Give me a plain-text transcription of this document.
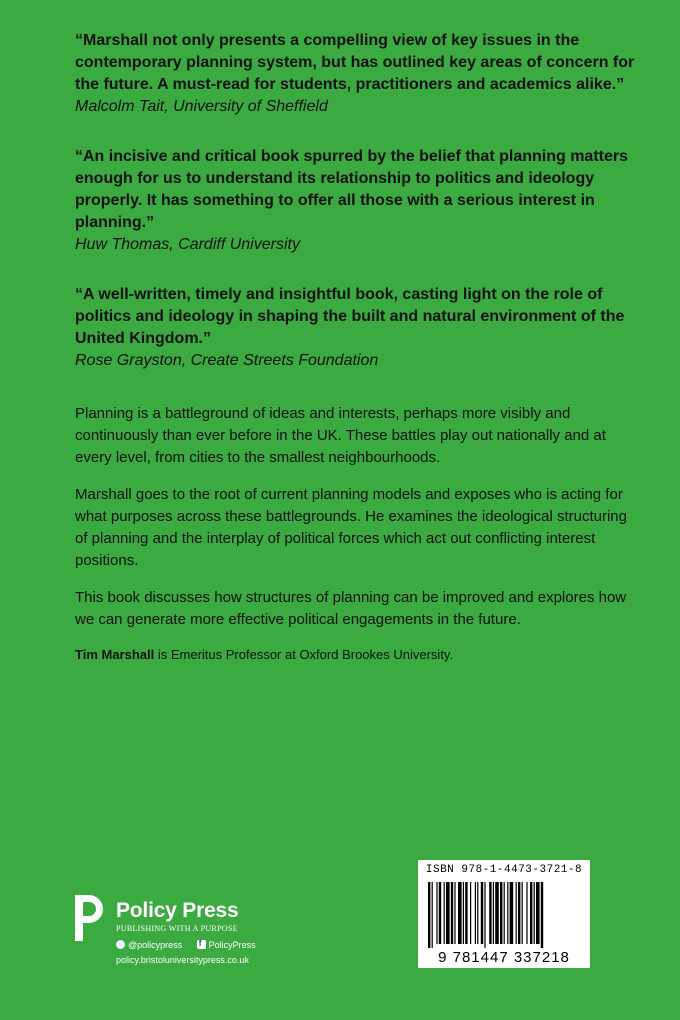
“Marshall not only presents a compelling view of key issues in the contemporary planning system, but has outlined key areas of concern for the future. A must-read for students, practitioners and academics alike.”

Malcolm Tait, University of Sheffield

“An incisive and critical book spurred by the belief that planning matters enough for us to understand its relationship to politics and ideology properly. It has something to offer all those with a serious interest in planning.”

Huw Thomas, Cardiff University

“A well-written, timely and insightful book, casting light on the role of politics and ideology in shaping the built and natural environment of the United Kingdom.”

Rose Grayston, Create Streets Foundation

Planning is a battleground of ideas and interests, perhaps more visibly and continuously than ever before in the UK. These battles play out nationally and at every level, from cities to the smallest neighbourhoods.

Marshall goes to the root of current planning models and exposes who is acting for what purposes across these battlegrounds. He examines the ideological structuring of planning and the interplay of political forces which act out conflicting interest positions.

This book discusses how structures of planning can be improved and explores how we can generate more effective political engagements in the future.

Tim Marshall is Emeritus Professor at Oxford Brookes University.

Policy Press
PUBLISHING WITH A PURPOSE
@policypress f	PolicyPress
policy.bristoluniversitypress.co.uk
ISBN 978-1-4473-3721-8
9 781447 337218
